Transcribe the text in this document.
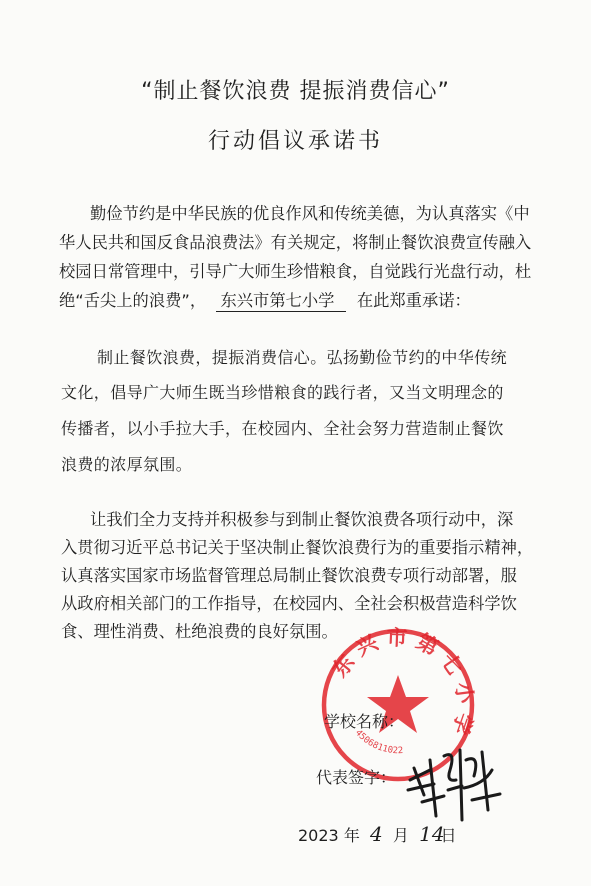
“制止餐饮浪费 提振消费信心”
行动倡议承诺书
勤俭节约是中华民族的优良作风和传统美德，为认真落实《中
华人民共和国反食品浪费法》有关规定，将制止餐饮浪费宣传融入
校园日常管理中，引导广大师生珍惜粮食，自觉践行光盘行动，杜
绝“舌尖上的浪费”， 东兴市第七小学 在此郑重承诺：
制止餐饮浪费，提振消费信心。弘扬勤俭节约的中华传统
文化，倡导广大师生既当珍惜粮食的践行者，又当文明理念的
传播者，以小手拉大手，在校园内、全社会努力营造制止餐饮
浪费的浓厚氛围。
让我们全力支持并积极参与到制止餐饮浪费各项行动中，深
入贯彻习近平总书记关于坚决制止餐饮浪费行为的重要指示精神，
认真落实国家市场监督管理总局制止餐饮浪费专项行动部署，服
从政府相关部门的工作指导，在校园内、全社会积极营造科学饮
食、理性消费、杜绝浪费的良好氛围。
东兴市第七小学
4506811022
学校名称：
代表签字：
2023 年 4 月 14日
